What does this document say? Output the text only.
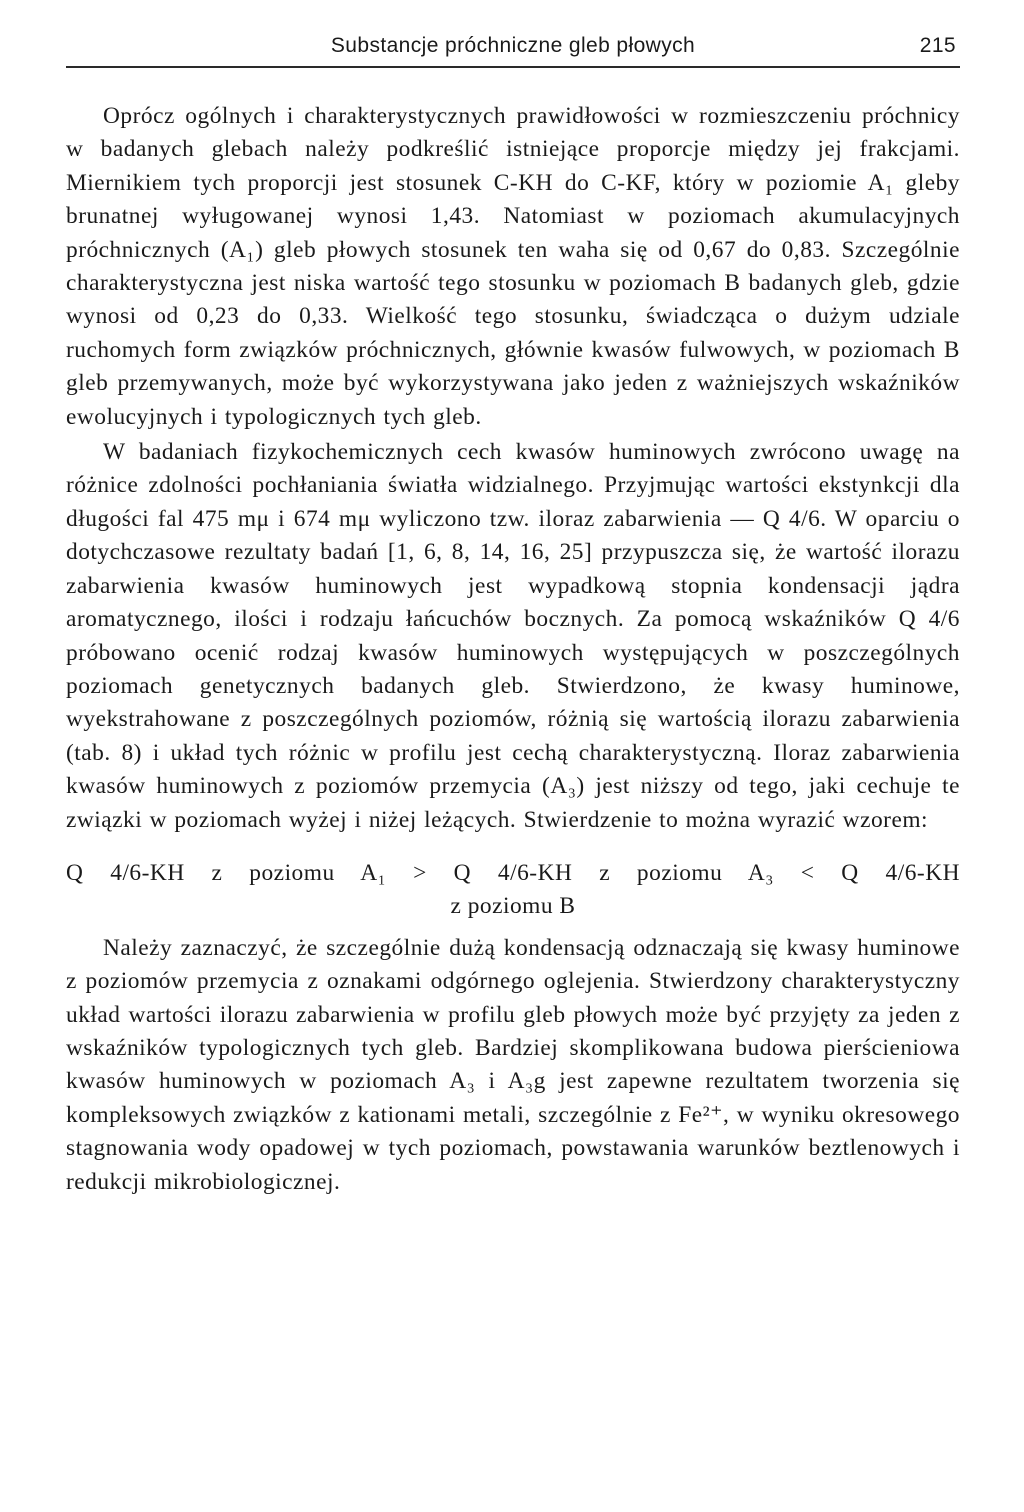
Substancje próchniczne gleb płowych	215

Oprócz ogólnych i charakterystycznych prawidłowości w rozmieszczeniu próchnicy w badanych glebach należy podkreślić istniejące proporcje między jej frakcjami. Miernikiem tych proporcji jest stosunek C-KH do C-KF, który w poziomie A₁ gleby brunatnej wyługowanej wynosi 1,43. Natomiast w poziomach akumulacyjnych próchnicznych (A₁) gleb płowych stosunek ten waha się od 0,67 do 0,83. Szczególnie charakterystyczna jest niska wartość tego stosunku w poziomach B badanych gleb, gdzie wynosi od 0,23 do 0,33. Wielkość tego stosunku, świadcząca o dużym udziale ruchomych form związków próchnicznych, głównie kwasów fulwowych, w poziomach B gleb przemywanych, może być wykorzystywana jako jeden z ważniejszych wskaźników ewolucyjnych i typologicznych tych gleb.

W badaniach fizykochemicznych cech kwasów huminowych zwrócono uwagę na różnice zdolności pochłaniania światła widzialnego. Przyjmując wartości ekstynkcji dla długości fal 475 mμ i 674 mμ wyliczono tzw. iloraz zabarwienia — Q 4/6. W oparciu o dotychczasowe rezultaty badań [1, 6, 8, 14, 16, 25] przypuszcza się, że wartość ilorazu zabarwienia kwasów huminowych jest wypadkową stopnia kondensacji jądra aromatycznego, ilości i rodzaju łańcuchów bocznych. Za pomocą wskaźników Q 4/6 próbowano ocenić rodzaj kwasów huminowych występujących w poszczególnych poziomach genetycznych badanych gleb. Stwierdzono, że kwasy huminowe, wyekstrahowane z poszczególnych poziomów, różnią się wartością ilorazu zabarwienia (tab. 8) i układ tych różnic w profilu jest cechą charakterystyczną. Iloraz zabarwienia kwasów huminowych z poziomów przemycia (A₃) jest niższy od tego, jaki cechuje te związki w poziomach wyżej i niżej leżących. Stwierdzenie to można wyrazić wzorem:

Q 4/6-KH z poziomu A₁ > Q 4/6-KH z poziomu A₃ < Q 4/6-KH
z poziomu B

Należy zaznaczyć, że szczególnie dużą kondensacją odznaczają się kwasy huminowe z poziomów przemycia z oznakami odgórnego oglejenia. Stwierdzony charakterystyczny układ wartości ilorazu zabarwienia w profilu gleb płowych może być przyjęty za jeden z wskaźników typologicznych tych gleb. Bardziej skomplikowana budowa pierścieniowa kwasów huminowych w poziomach A₃ i A₃g jest zapewne rezultatem tworzenia się kompleksowych związków z kationami metali, szczególnie z Fe²⁺, w wyniku okresowego stagnowania wody opadowej w tych poziomach, powstawania warunków beztlenowych i redukcji mikrobiologicznej.
